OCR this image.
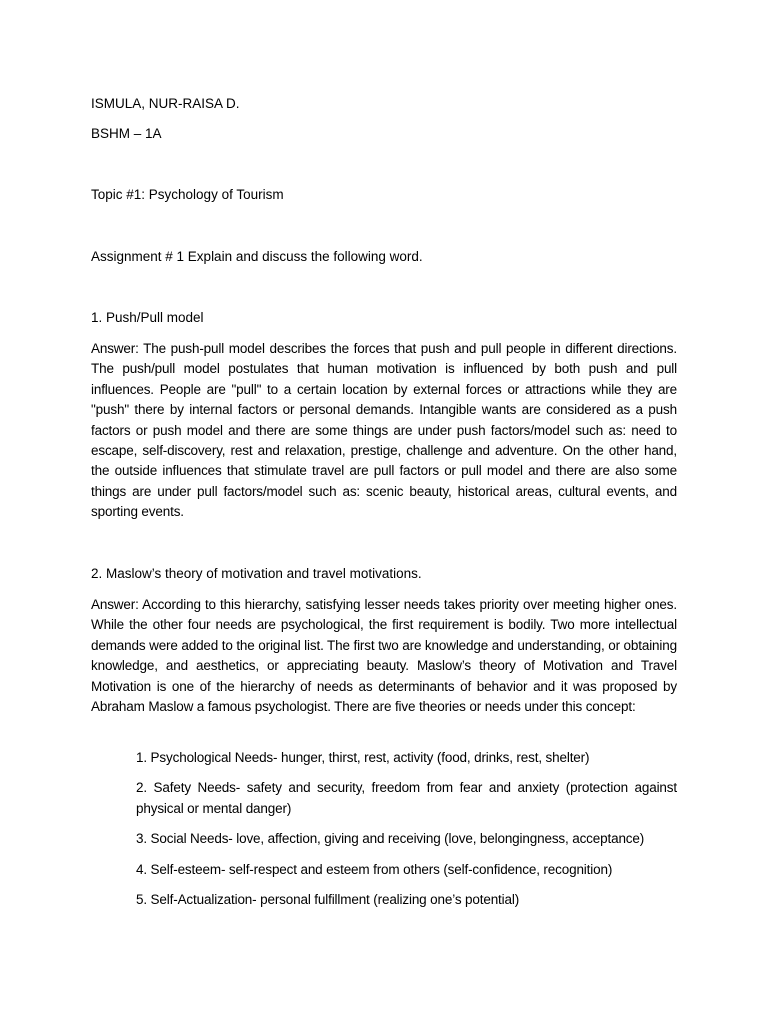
ISMULA, NUR-RAISA D.
BSHM – 1A
Topic #1: Psychology of Tourism
Assignment # 1 Explain and discuss the following word.
1. Push/Pull model
Answer: The push-pull model describes the forces that push and pull people in different directions. The push/pull model postulates that human motivation is influenced by both push and pull influences. People are "pull" to a certain location by external forces or attractions while they are "push" there by internal factors or personal demands. Intangible wants are considered as a push factors or push model and there are some things are under push factors/model such as: need to escape, self-discovery, rest and relaxation, prestige, challenge and adventure. On the other hand, the outside influences that stimulate travel are pull factors or pull model and there are also some things are under pull factors/model such as: scenic beauty, historical areas, cultural events, and sporting events.
2. Maslow’s theory of motivation and travel motivations.
Answer: According to this hierarchy, satisfying lesser needs takes priority over meeting higher ones. While the other four needs are psychological, the first requirement is bodily. Two more intellectual demands were added to the original list. The first two are knowledge and understanding, or obtaining knowledge, and aesthetics, or appreciating beauty. Maslow’s theory of Motivation and Travel Motivation is one of the hierarchy of needs as determinants of behavior and it was proposed by Abraham Maslow a famous psychologist. There are five theories or needs under this concept:
1. Psychological Needs- hunger, thirst, rest, activity (food, drinks, rest, shelter)
2. Safety Needs- safety and security, freedom from fear and anxiety (protection against physical or mental danger)
3. Social Needs- love, affection, giving and receiving (love, belongingness, acceptance)
4. Self-esteem- self-respect and esteem from others (self-confidence, recognition)
5. Self-Actualization- personal fulfillment (realizing one’s potential)
